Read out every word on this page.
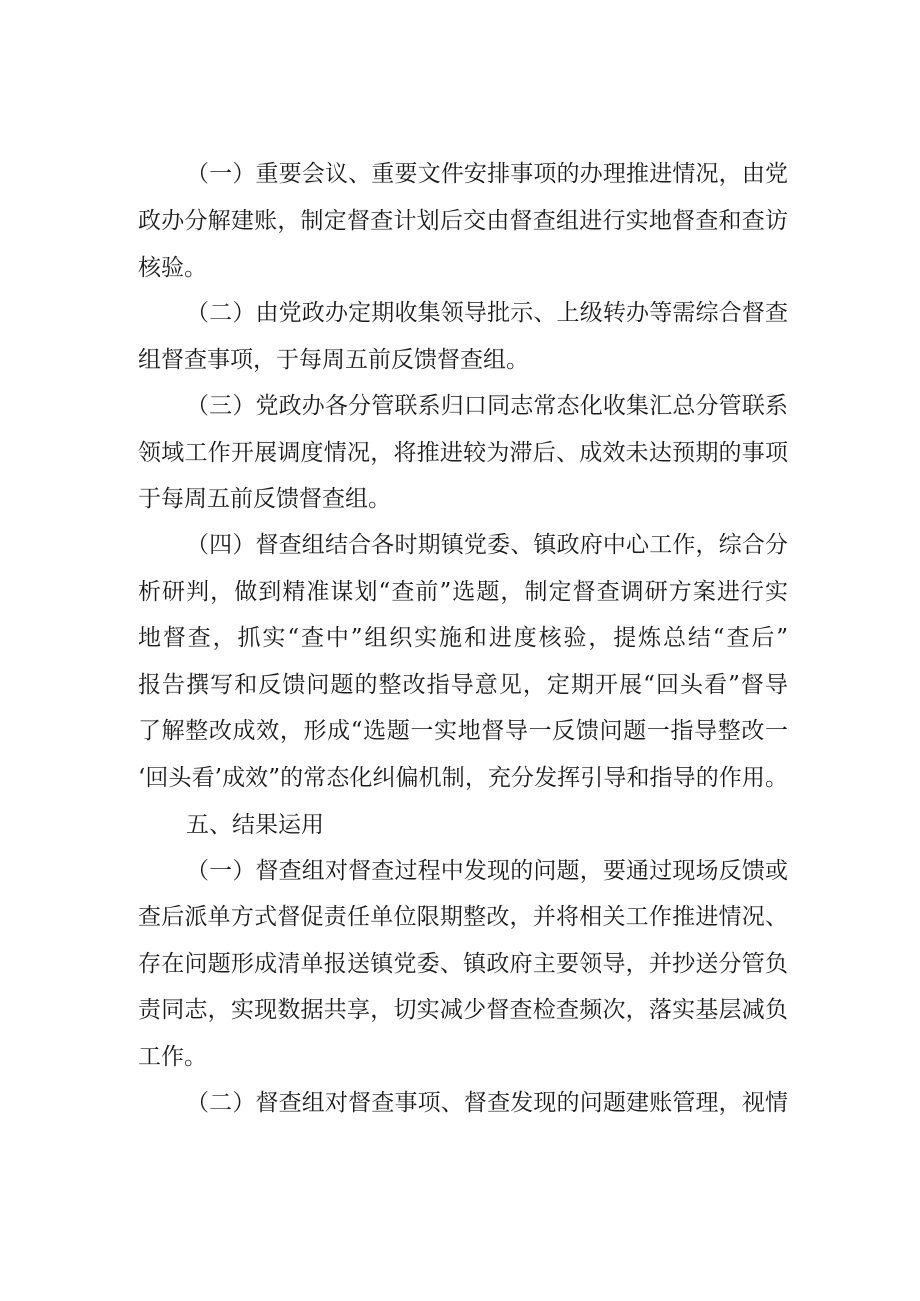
（一）重要会议、重要文件安排事项的办理推进情况，由党
政办分解建账，制定督查计划后交由督查组进行实地督查和查访
核验。
（二）由党政办定期收集领导批示、上级转办等需综合督查
组督查事项，于每周五前反馈督查组。
（三）党政办各分管联系归口同志常态化收集汇总分管联系
领域工作开展调度情况，将推进较为滞后、成效未达预期的事项
于每周五前反馈督查组。
（四）督查组结合各时期镇党委、镇政府中心工作，综合分
析研判，做到精准谋划“查前”选题，制定督查调研方案进行实
地督查，抓实“查中”组织实施和进度核验，提炼总结“查后”
报告撰写和反馈问题的整改指导意见，定期开展“回头看”督导
了解整改成效，形成“选题一实地督导一反馈问题一指导整改一
‘回头看’成效”的常态化纠偏机制，充分发挥引导和指导的作用。
五、结果运用
（一）督查组对督查过程中发现的问题，要通过现场反馈或
查后派单方式督促责任单位限期整改，并将相关工作推进情况、
存在问题形成清单报送镇党委、镇政府主要领导，并抄送分管负
责同志，实现数据共享，切实减少督查检查频次，落实基层减负
工作。
（二）督查组对督查事项、督查发现的问题建账管理，视情
